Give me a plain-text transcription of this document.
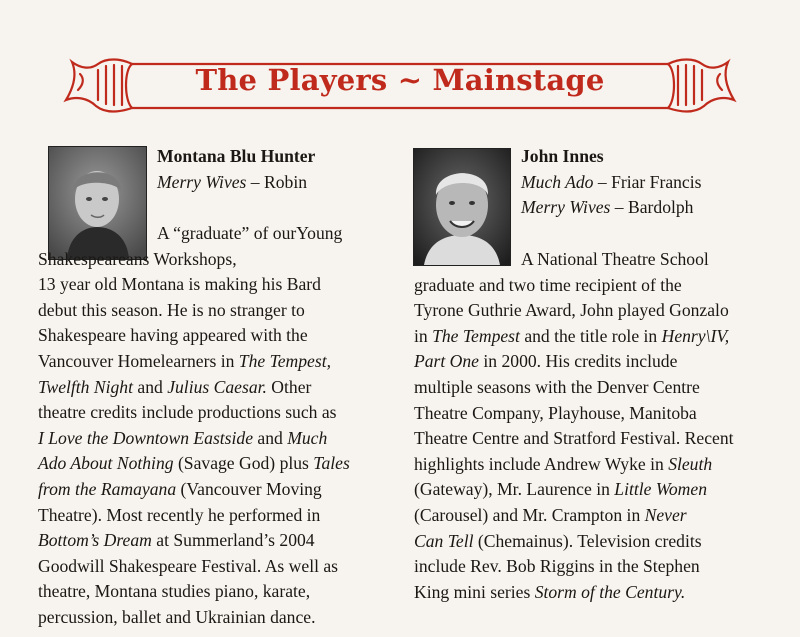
The Players ~ Mainstage
Montana Blu Hunter
Merry Wives – Robin
A “graduate” of ourYoung
Shakespeareans Workshops,
13 year old Montana is making his Bard
debut this season. He is no stranger to
Shakespeare having appeared with the
Vancouver Homelearners in The Tempest,
Twelfth Night and Julius Caesar. Other
theatre credits include productions such as
I Love the Downtown Eastside and Much
Ado About Nothing (Savage God) plus Tales
from the Ramayana (Vancouver Moving
Theatre). Most recently he performed in
Bottom’s Dream at Summerland’s 2004
Goodwill Shakespeare Festival. As well as
theatre, Montana studies piano, karate,
percussion, ballet and Ukrainian dance.
John Innes
Much Ado – Friar Francis
Merry Wives – Bardolph
A National Theatre School
graduate and two time recipient of the
Tyrone Guthrie Award, John played Gonzalo
in The Tempest and the title role in Henry\IV,
Part One in 2000. His credits include
multiple seasons with the Denver Centre
Theatre Company, Playhouse, Manitoba
Theatre Centre and Stratford Festival. Recent
highlights include Andrew Wyke in Sleuth
(Gateway), Mr. Laurence in Little Women
(Carousel) and Mr. Crampton in Never
Can Tell (Chemainus). Television credits
include Rev. Bob Riggins in the Stephen
King mini series Storm of the Century.
